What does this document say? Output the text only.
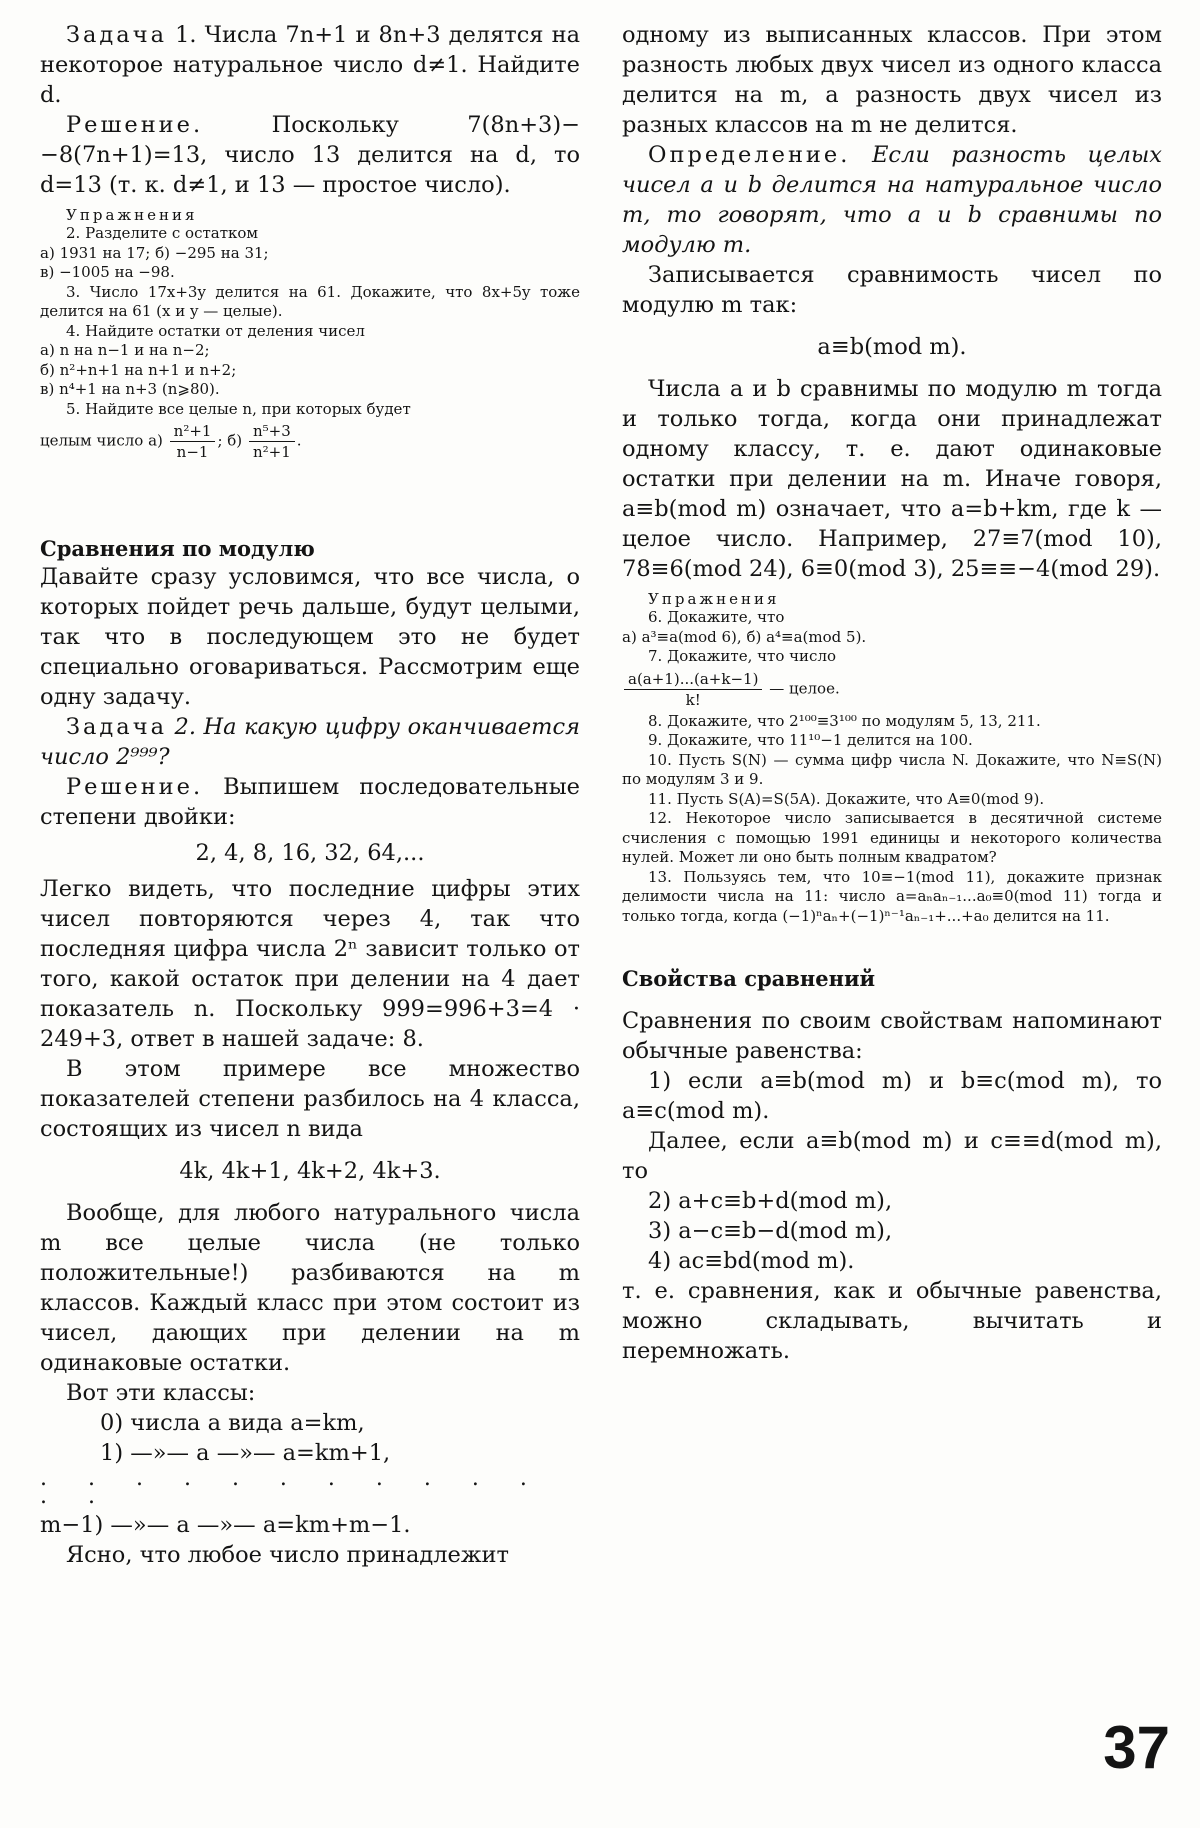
Задача 1. Числа 7n+1 и 8n+3 делятся на некоторое натуральное число d≠1. Найдите d.

Решение. Поскольку 7(8n+3)−−8(7n+1)=13, число 13 делится на d, то d=13 (т. к. d≠1, и 13 — простое число).

Упражнения

2. Разделите с остатком

а) 1931 на 17; б) −295 на 31;

в) −1005 на −98.

3. Число 17x+3y делится на 61. Докажите, что 8x+5y тоже делится на 61 (x и y — целые).

4. Найдите остатки от деления чисел

а) n на n−1 и на n−2;

б) n²+n+1 на n+1 и n+2;

в) n⁴+1 на n+3 (n⩾80).

5. Найдите все целые n, при которых будет

целым число $а) \frac{\text{n²+1}}{n-1}$ ; $б) \frac{\text{n⁵+3}}{\text{n²+1}}$ .

Сравнения по модулю

Давайте сразу условимся, что все числа, о которых пойдет речь дальше, будут целыми, так что в последующем это не будет специально оговариваться. Рассмотрим еще одну задачу.

Задача 2. На какую цифру оканчивается число 2⁹⁹⁹?

Решение. Выпишем последовательные степени двойки:

2, 4, 8, 16, 32, 64,...

Легко видеть, что последние цифры этих чисел повторяются через 4, так что последняя цифра числа 2ⁿ зависит только от того, какой остаток при делении на 4 дает показатель n. Поскольку 999=996+3=4 · 249+3, ответ в нашей задаче: 8.

В этом примере все множество показателей степени разбилось на 4 класса, состоящих из чисел n вида

4k, 4k+1, 4k+2, 4k+3.

Вообще, для любого натурального числа m все целые числа (не только положительные!) разбиваются на m классов. Каждый класс при этом состоит из чисел, дающих при делении на m одинаковые остатки.

Вот эти классы:

0) числа a вида a=km,

1) —»— a —»— a=km+1,

. . . . . . . . . . . . .

m−1) —»— a —»— a=km+m−1.

Ясно, что любое число принадлежит

одному из выписанных классов. При этом разность любых двух чисел из одного класса делится на m, а разность двух чисел из разных классов на m не делится.

Определение. Если разность целых чисел a и b делится на натуральное число m, то говорят, что a и b сравнимы по модулю m.

Записывается сравнимость чисел по модулю m так:

a≡b(mod m).

Числа a и b сравнимы по модулю m тогда и только тогда, когда они принадлежат одному классу, т. е. дают одинаковые остатки при делении на m. Иначе говоря, a≡b(mod m) означает, что a=b+km, где k — целое число. Например, 27≡7(mod 10), 78≡6(mod 24), 6≡0(mod 3), 25≡≡−4(mod 29).

Упражнения

6. Докажите, что

а) a³≡a(mod 6), б) a⁴≡a(mod 5).

7. Докажите, что число

$\frac{a(a+1)...(a+k-1)}{k!}$ — целое.

8. Докажите, что 2¹⁰⁰≡3¹⁰⁰ по модулям 5, 13, 211.

9. Докажите, что 11¹⁰−1 делится на 100.

10. Пусть S(N) — сумма цифр числа N. Докажите, что N≡S(N) по модулям 3 и 9.

11. Пусть S(A)=S(5A). Докажите, что A≡0(mod 9).

12. Некоторое число записывается в десятичной системе счисления с помощью 1991 единицы и некоторого количества нулей. Может ли оно быть полным квадратом?

13. Пользуясь тем, что 10≡−1(mod 11), докажите признак делимости числа на 11: число a=aₙaₙ₋₁...a₀≡0(mod 11) тогда и только тогда, когда (−1)ⁿaₙ+(−1)ⁿ⁻¹aₙ₋₁+...+a₀ делится на 11.

Свойства сравнений

Сравнения по своим свойствам напоминают обычные равенства:

1) если a≡b(mod m) и b≡c(mod m), то a≡c(mod m).

Далее, если a≡b(mod m) и c≡≡d(mod m), то

2) a+c≡b+d(mod m),

3) a−c≡b−d(mod m),

4) ac≡bd(mod m).

т. е. сравнения, как и обычные равенства, можно складывать, вычитать и перемножать.

37
